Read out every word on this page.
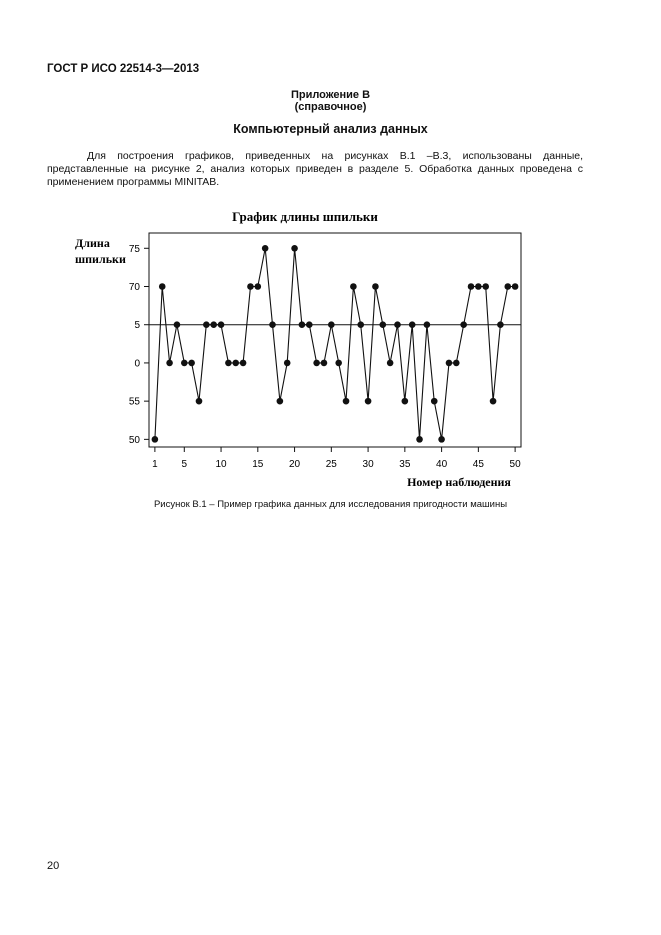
ГОСТ Р ИСО 22514-3—2013
Приложение В
(справочное)
Компьютерный анализ данных
Для построения графиков, приведенных на рисунках В.1 –В.3, использованы данные, представленные на рисунке 2, анализ которых приведен в разделе 5. Обработка данных проведена с применением программы MINITAB.
График длины шпильки
Длина
шпильки
50
55
0
5
70
75
1 5	10	15	20	25	30	35	40	45	50
Номер наблюдения
Рисунок В.1 – Пример графика данных для исследования пригодности машины
20
